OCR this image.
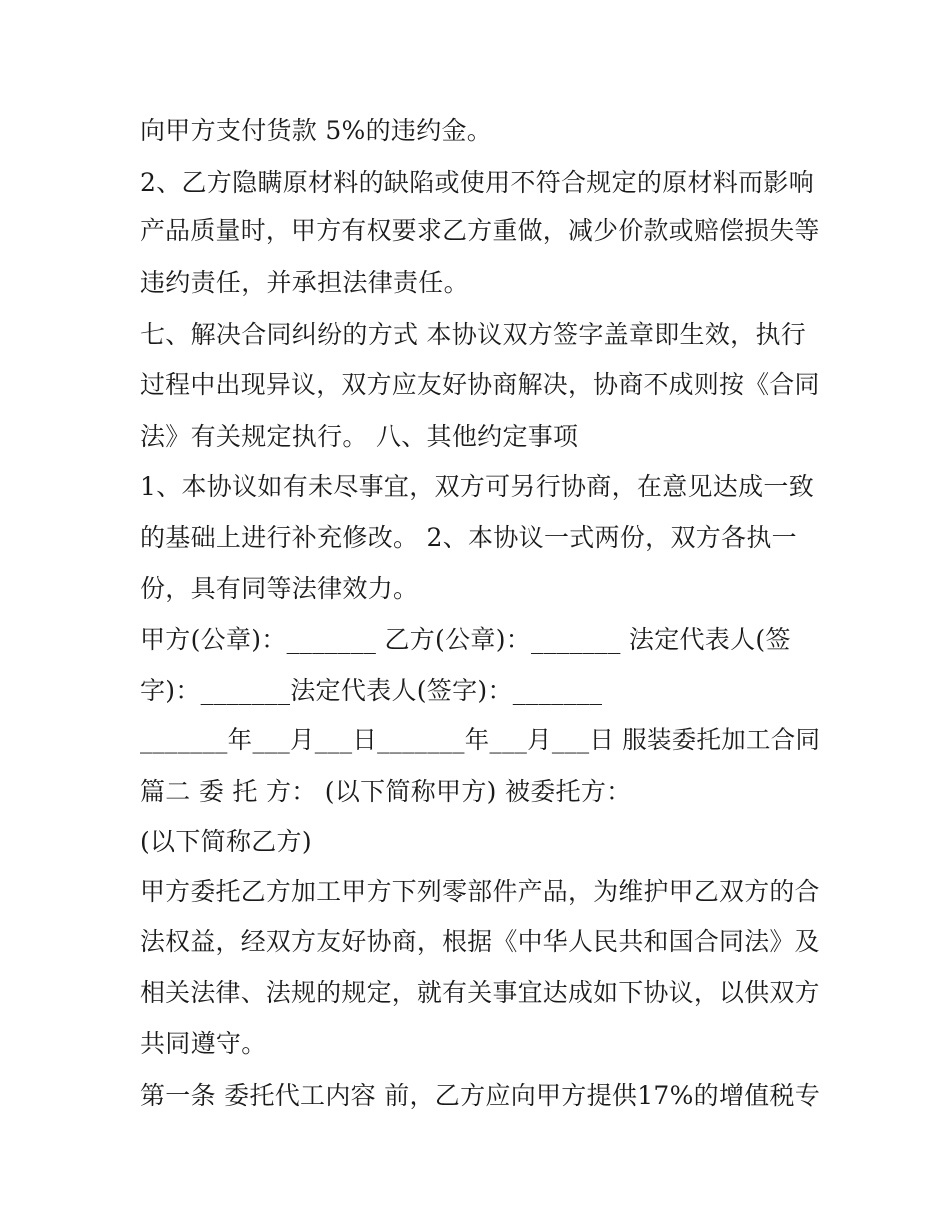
向甲方支付货款 5%的违约金。
2、乙方隐瞒原材料的缺陷或使用不符合规定的原材料而影响
产品质量时，甲方有权要求乙方重做，减少价款或赔偿损失等
违约责任，并承担法律责任。
七、解决合同纠纷的方式 本协议双方签字盖章即生效，执行
过程中出现异议，双方应友好协商解决，协商不成则按《合同
法》有关规定执行。 八、其他约定事项
1、本协议如有未尽事宜，双方可另行协商，在意见达成一致
的基础上进行补充修改。 2、本协议一式两份，双方各执一
份，具有同等法律效力。
甲方(公章)：_______ 乙方(公章)：_______ 法定代表人(签
字)：_______法定代表人(签字)：_______
_______年___月___日_______年___月___日 服装委托加工合同
篇二 委 托 方： (以下简称甲方) 被委托方：
(以下简称乙方)
甲方委托乙方加工甲方下列零部件产品，为维护甲乙双方的合
法权益，经双方友好协商，根据《中华人民共和国合同法》及
相关法律、法规的规定，就有关事宜达成如下协议，以供双方
共同遵守。
第一条 委托代工内容 前，乙方应向甲方提供17%的增值税专
